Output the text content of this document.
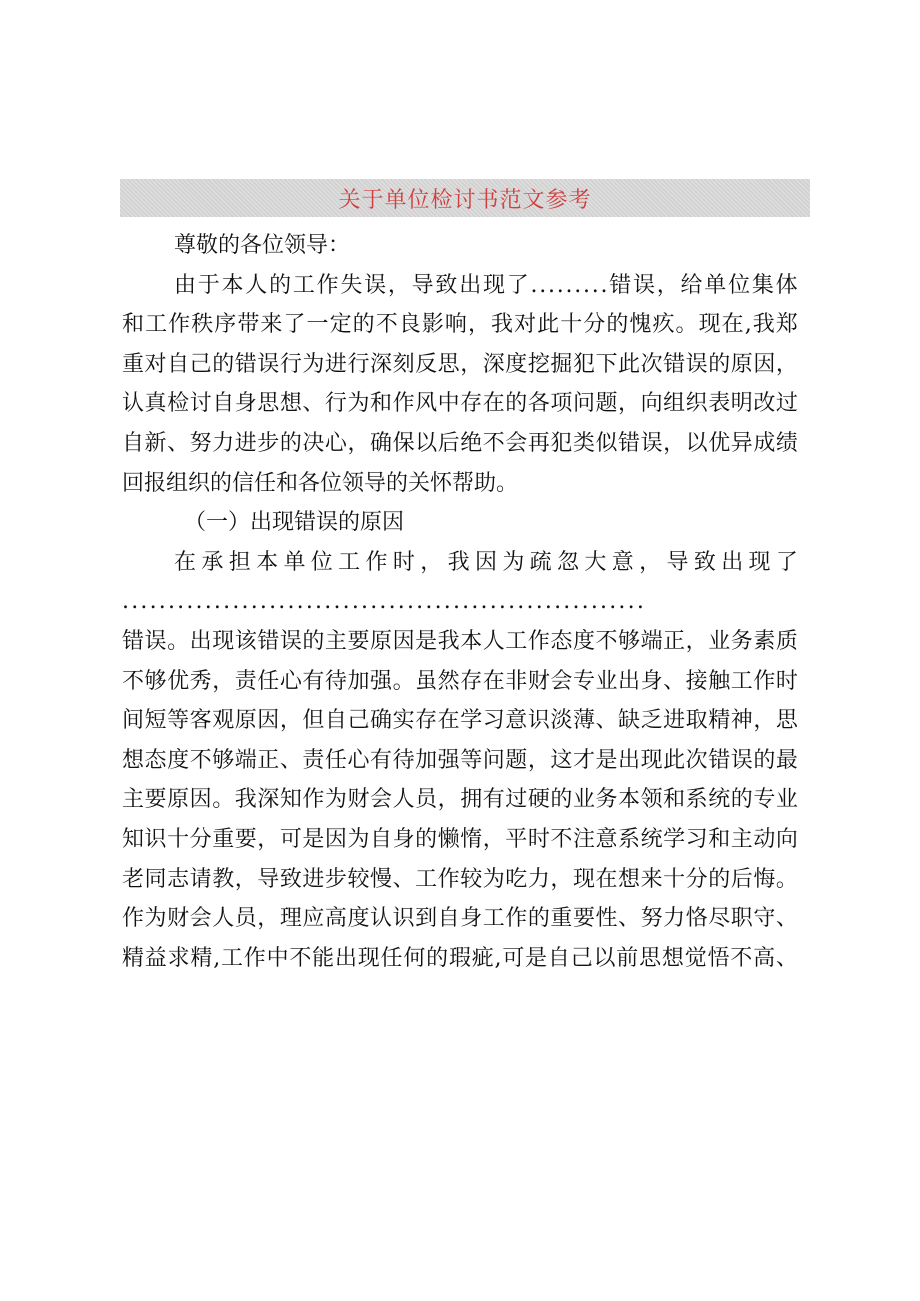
关于单位检讨书范文参考
尊敬的各位领导：
由 于 本 人 的 工 作 失 误 ， 导 致 出 现 了 . . . . . . . . . 错 误 ， 给 单 位 集 体
和 工 作 秩 序 带 来 了 一 定 的 不 良 影 响 ， 我 对 此 十 分 的 愧 疚 。 现 在 , 我 郑
重 对 自 己 的 错 误 行 为 进 行 深 刻 反 思 ， 深 度 挖 掘 犯 下 此 次 错 误 的 原 因 ，
认 真 检 讨 自 身 思 想 、 行 为 和 作 风 中 存 在 的 各 项 问 题 ， 向 组 织 表 明 改 过
自 新 、 努 力 进 步 的 决 心 ， 确 保 以 后 绝 不 会 再 犯 类 似 错 误 ， 以 优 异 成 绩
回报组织的信任和各位领导的关怀帮助。
（一）出现错误的原因
在 承 担 本 单 位 工 作 时 ， 我 因 为 疏 忽 大 意 ， 导 致 出 现 了
.........................................................
错 误 。 出 现 该 错 误 的 主 要 原 因 是 我 本 人 工 作 态 度 不 够 端 正 ， 业 务 素 质
不 够 优 秀 ， 责 任 心 有 待 加 强 。 虽 然 存 在 非 财 会 专 业 出 身 、 接 触 工 作 时
间 短 等 客 观 原 因 ， 但 自 己 确 实 存 在 学 习 意 识 淡 薄 、 缺 乏 进 取 精 神 ， 思
想 态 度 不 够 端 正 、 责 任 心 有 待 加 强 等 问 题 ， 这 才 是 出 现 此 次 错 误 的 最
主 要 原 因 。 我 深 知 作 为 财 会 人 员 ， 拥 有 过 硬 的 业 务 本 领 和 系 统 的 专 业
知 识 十 分 重 要 ， 可 是 因 为 自 身 的 懒 惰 ， 平 时 不 注 意 系 统 学 习 和 主 动 向
老 同 志 请 教 ， 导 致 进 步 较 慢 、 工 作 较 为 吃 力 ， 现 在 想 来 十 分 的 后 悔 。
作 为 财 会 人 员 ， 理 应 高 度 认 识 到 自 身 工 作 的 重 要 性 、 努 力 恪 尽 职 守 、
精 益 求 精 , 工 作 中 不 能 出 现 任 何 的 瑕 疵 , 可 是 自 己 以 前 思 想 觉 悟 不 高 、
